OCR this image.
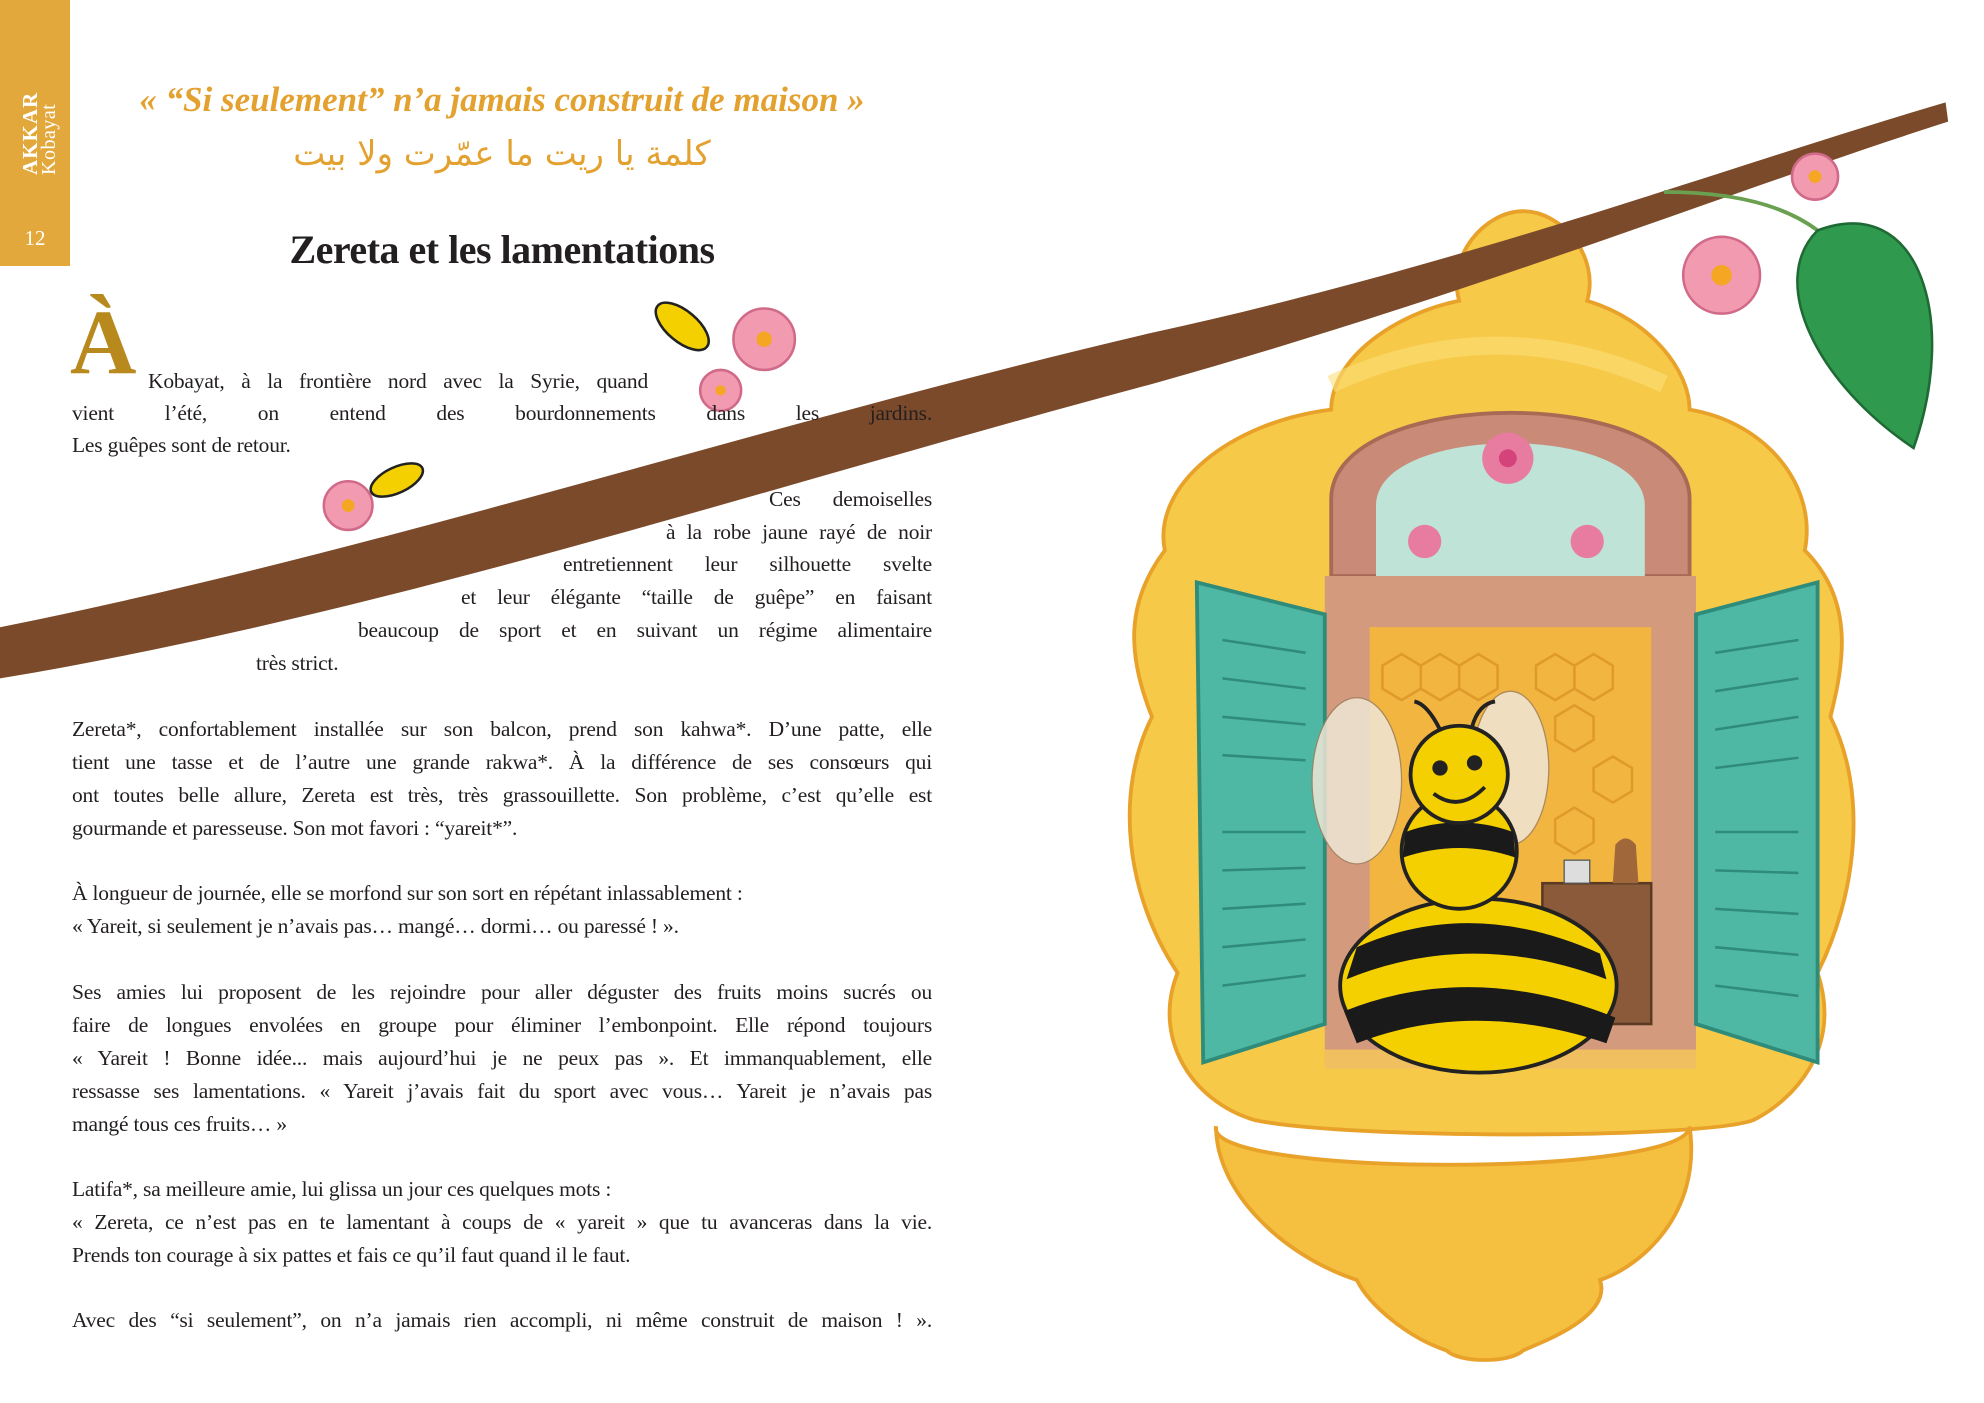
AKKAR
Kobayat
12
« “Si seulement” n’a jamais construit de maison »
كلمة يا ريت ما عمّرت ولا بيت
Zereta et les lamentations
À Kobayat, à la frontière nord avec la Syrie, quand
vient l’été, on entend des bourdonnements dans les jardins.
Les guêpes sont de retour.
Ces demoiselles
à la robe jaune rayé de noir
entretiennent leur silhouette svelte
et leur élégante “taille de guêpe” en faisant
beaucoup de sport et en suivant un régime alimentaire
très strict.
Zereta*, confortablement installée sur son balcon, prend son kahwa*. D’une patte, elle
tient une tasse et de l’autre une grande rakwa*. À la différence de ses consœurs qui
ont toutes belle allure, Zereta est très, très grassouillette. Son problème, c’est qu’elle est
gourmande et paresseuse. Son mot favori : “yareit*”.
À longueur de journée, elle se morfond sur son sort en répétant inlassablement :
« Yareit, si seulement je n’avais pas… mangé… dormi… ou paressé ! ».
Ses amies lui proposent de les rejoindre pour aller déguster des fruits moins sucrés ou
faire de longues envolées en groupe pour éliminer l’embonpoint. Elle répond toujours
« Yareit ! Bonne idée... mais aujourd’hui je ne peux pas ». Et immanquablement, elle
ressasse ses lamentations. « Yareit j’avais fait du sport avec vous… Yareit je n’avais pas
mangé tous ces fruits… »
Latifa*, sa meilleure amie, lui glissa un jour ces quelques mots :
« Zereta, ce n’est pas en te lamentant à coups de « yareit » que tu avanceras dans la vie.
Prends ton courage à six pattes et fais ce qu’il faut quand il le faut.
Avec des “si seulement”, on n’a jamais rien accompli, ni même construit de maison ! ».
